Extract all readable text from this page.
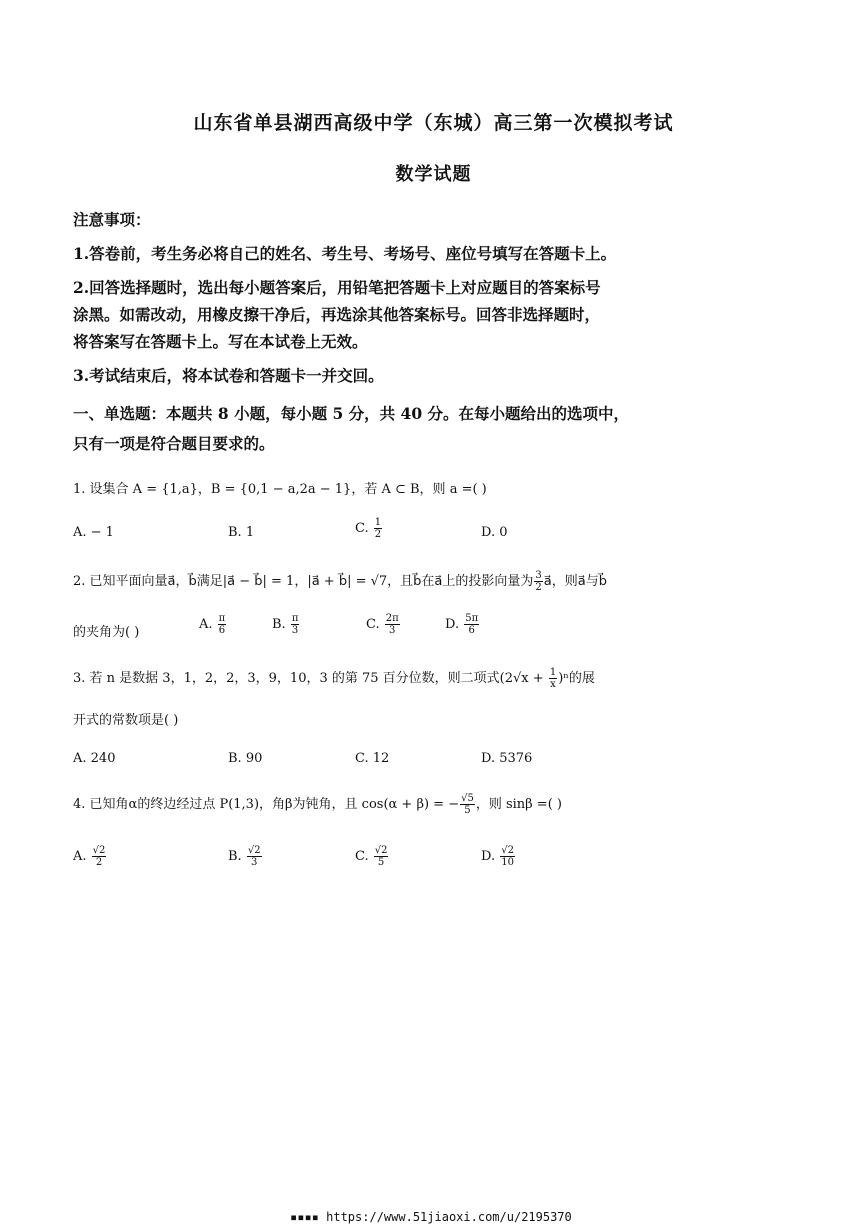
山东省单县湖西高级中学（东城）高三第一次模拟考试
数学试题
注意事项：
1.答卷前，考生务必将自己的姓名、考生号、考场号、座位号填写在答题卡上。
2.回答选择题时，选出每小题答案后，用铅笔把答题卡上对应题目的答案标号
涂黑。如需改动，用橡皮擦干净后，再选涂其他答案标号。回答非选择题时，
将答案写在答题卡上。写在本试卷上无效。
3.考试结束后，将本试卷和答题卡一并交回。
一、单选题：本题共 8 小题，每小题 5 分，共 40 分。在每小题给出的选项中，
只有一项是符合题目要求的。
1. 设集合 A = {1,a}，B = {0,1 − a,2a − 1}，若 A ⊂ B，则 a =( )
A. − 1	B. 1	C. $\frac{1}{2}$	D. 0
2. 已知平面向量a⃗，b⃗满足|a⃗ − b⃗| = 1，|a⃗ + b⃗| = √7，且b⃗在a⃗上的投影向量为 $\frac{3}{2}$ a⃗，则a⃗与b⃗
的夹角为( )
A. $\frac{\pi}{6}$	B. $\frac{\pi}{3}$	C. $\frac{2\pi}{3}$	D. $\frac{5\pi}{6}$
3. 若 n 是数据 3，1，2，2，3，9，10，3 的第 75 百分位数，则二项式$(2√x + \frac{1}{x} )^n$的展
开式的常数项是( )
A. 240	B. 90	C. 12	D. 5376
4. 已知角α的终边经过点 P(1,3)，角β为钝角，且 cos(α + β) = − $\frac{√5}{5}$ ，则 sinβ =( )
A. $\frac{√2}{2}$	B. $\frac{√2}{3}$	C. $\frac{√2}{5}$	D. $\frac{√2}{10}$
▪▪▪▪ https://www.51jiaoxi.com/u/2195370
